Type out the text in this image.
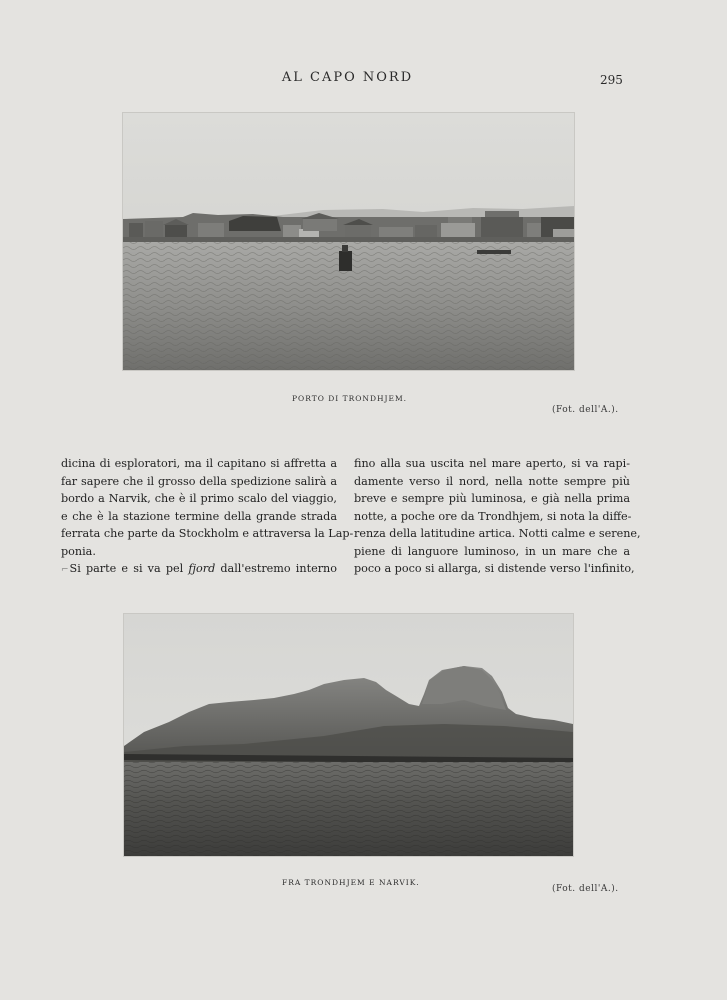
AL CAPO NORD	295
PORTO DI TRONDHJEM.
(Fot. dell'A.).

dicina di esploratori, ma il capitano si affretta a
far sapere che il grosso della spedizione salirà a
bordo a Narvik, che è il primo scalo del viaggio,
e che è la stazione termine della grande strada
ferrata che parte da Stockholm e attraversa la Lap-
ponia.

⌐Si parte e si va pel fjord dall'estremo interno

fino alla sua uscita nel mare aperto, si va rapi-
damente verso il nord, nella notte sempre più
breve e sempre più luminosa, e già nella prima
notte, a poche ore da Trondhjem, si nota la diffe-
renza della latitudine artica. Notti calme e serene,
piene di languore luminoso, in un mare che a
poco a poco si allarga, si distende verso l'infinito,

FRA TRONDHJEM E NARVIK.
(Fot. dell'A.).
